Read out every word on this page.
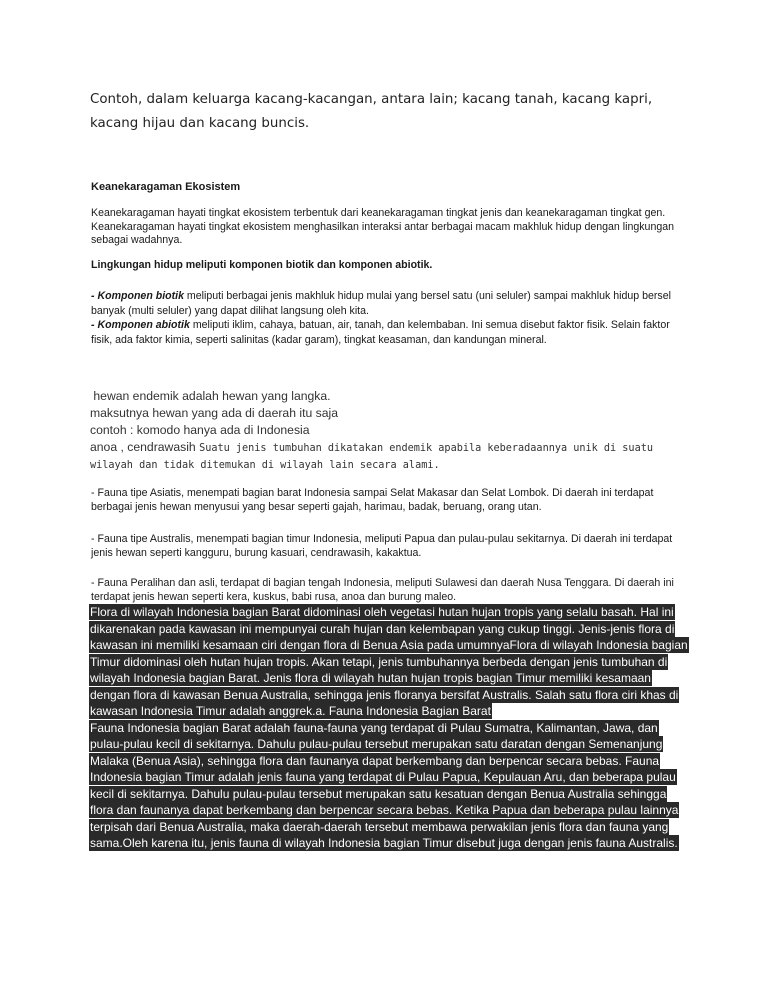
Contoh, dalam keluarga kacang-kacangan, antara lain; kacang tanah, kacang kapri, kacang hijau dan kacang buncis.
Keanekaragaman Ekosistem
Keanekaragaman hayati tingkat ekosistem terbentuk dari keanekaragaman tingkat jenis dan keanekaragaman tingkat gen. Keanekaragaman hayati tingkat ekosistem menghasilkan interaksi antar berbagai macam makhluk hidup dengan lingkungan sebagai wadahnya.
Lingkungan hidup meliputi komponen biotik dan komponen abiotik.
- Komponen biotik meliputi berbagai jenis makhluk hidup mulai yang bersel satu (uni seluler) sampai makhluk hidup bersel banyak (multi seluler) yang dapat dilihat langsung oleh kita.
- Komponen abiotik meliputi iklim, cahaya, batuan, air, tanah, dan kelembaban. Ini semua disebut faktor fisik. Selain faktor fisik, ada faktor kimia, seperti salinitas (kadar garam), tingkat keasaman, dan kandungan mineral.
hewan endemik adalah hewan yang langka.
maksutnya hewan yang ada di daerah itu saja
contoh : komodo hanya ada di Indonesia
anoa , cendrawasih Suatu jenis tumbuhan dikatakan endemik apabila keberadaannya unik di suatu
wilayah dan tidak ditemukan di wilayah lain secara alami.
- Fauna tipe Asiatis, menempati bagian barat Indonesia sampai Selat Makasar dan Selat Lombok. Di daerah ini terdapat berbagai jenis hewan menyusui yang besar seperti gajah, harimau, badak, beruang, orang utan.
- Fauna tipe Australis, menempati bagian timur Indonesia, meliputi Papua dan pulau-pulau sekitarnya. Di daerah ini terdapat jenis hewan seperti kangguru, burung kasuari, cendrawasih, kakaktua.
- Fauna Peralihan dan asli, terdapat di bagian tengah Indonesia, meliputi Sulawesi dan daerah Nusa Tenggara. Di daerah ini terdapat jenis hewan seperti kera, kuskus, babi rusa, anoa dan burung maleo.
Flora di wilayah Indonesia bagian Barat didominasi oleh vegetasi hutan hujan tropis yang selalu basah. Hal ini dikarenakan pada kawasan ini mempunyai curah hujan dan kelembapan yang cukup tinggi. Jenis-jenis flora di kawasan ini memiliki kesamaan ciri dengan flora di Benua Asia pada umumnyaFlora di wilayah Indonesia bagian Timur didominasi oleh hutan hujan tropis. Akan tetapi, jenis tumbuhannya berbeda dengan jenis tumbuhan di wilayah Indonesia bagian Barat. Jenis flora di wilayah hutan hujan tropis bagian Timur memiliki kesamaan dengan flora di kawasan Benua Australia, sehingga jenis floranya bersifat Australis. Salah satu flora ciri khas di kawasan Indonesia Timur adalah anggrek.a. Fauna Indonesia Bagian Barat
Fauna Indonesia bagian Barat adalah fauna-fauna yang terdapat di Pulau Sumatra, Kalimantan, Jawa, dan pulau-pulau kecil di sekitarnya. Dahulu pulau-pulau tersebut merupakan satu daratan dengan Semenanjung Malaka (Benua Asia), sehingga flora dan faunanya dapat berkembang dan berpencar secara bebas. Fauna Indonesia bagian Timur adalah jenis fauna yang terdapat di Pulau Papua, Kepulauan Aru, dan beberapa pulau kecil di sekitarnya. Dahulu pulau-pulau tersebut merupakan satu kesatuan dengan Benua Australia sehingga flora dan faunanya dapat berkembang dan berpencar secara bebas. Ketika Papua dan beberapa pulau lainnya terpisah dari Benua Australia, maka daerah-daerah tersebut membawa perwakilan jenis flora dan fauna yang sama.Oleh karena itu, jenis fauna di wilayah Indonesia bagian Timur disebut juga dengan jenis fauna Australis.
